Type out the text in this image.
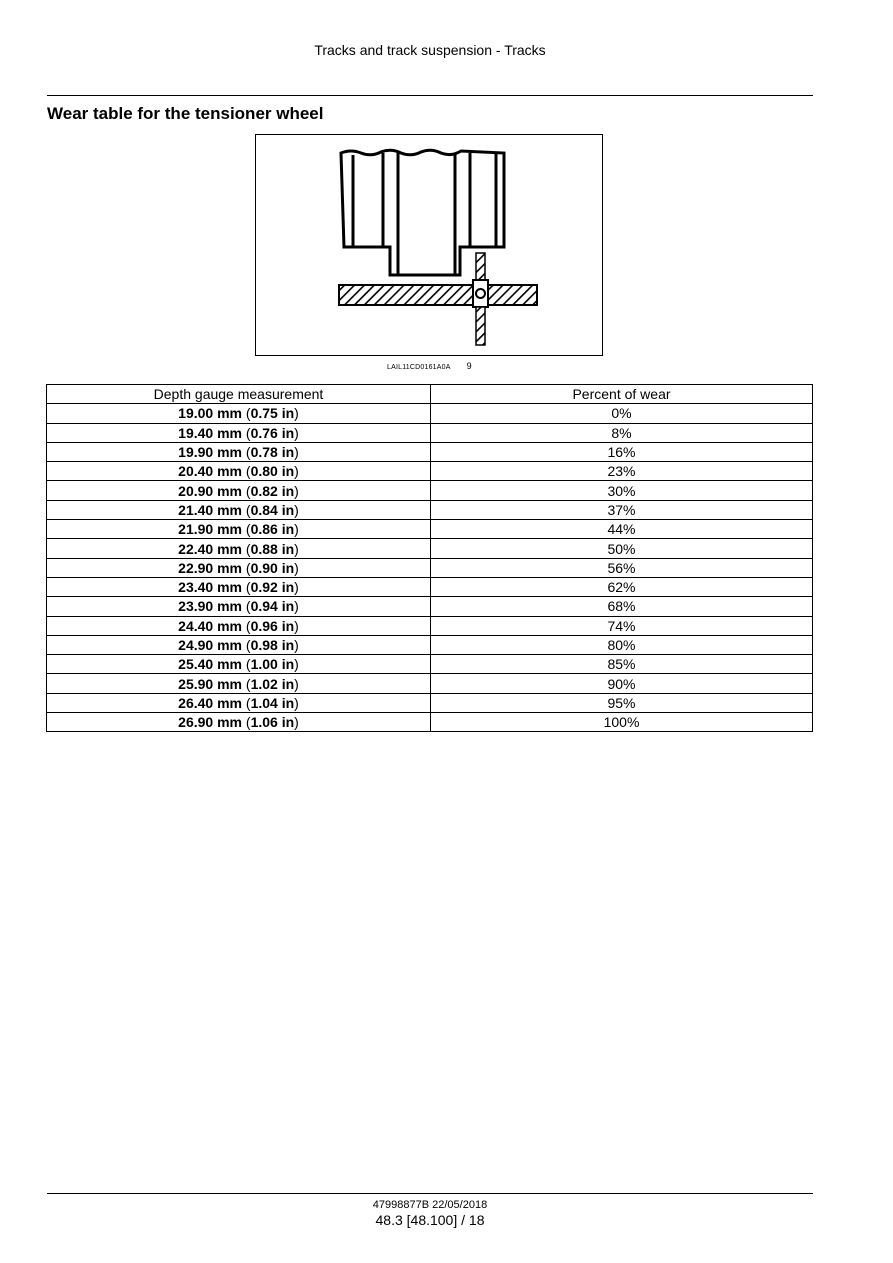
Tracks and track suspension - Tracks
Wear table for the tensioner wheel
LAIL11CD0161A0A 9
Depth gauge measurement	Percent of wear
19.00 mm (0.75 in)	0%
19.40 mm (0.76 in)	8%
19.90 mm (0.78 in)	16%
20.40 mm (0.80 in)	23%
20.90 mm (0.82 in)	30%
21.40 mm (0.84 in)	37%
21.90 mm (0.86 in)	44%
22.40 mm (0.88 in)	50%
22.90 mm (0.90 in)	56%
23.40 mm (0.92 in)	62%
23.90 mm (0.94 in)	68%
24.40 mm (0.96 in)	74%
24.90 mm (0.98 in)	80%
25.40 mm (1.00 in)	85%
25.90 mm (1.02 in)	90%
26.40 mm (1.04 in)	95%
26.90 mm (1.06 in)	100%
47998877B 22/05/2018
48.3 [48.100] / 18
